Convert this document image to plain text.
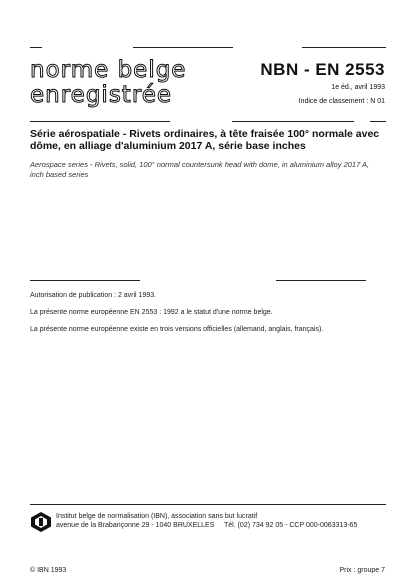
norme belge
enregistrée
NBN - EN 2553
1e éd., avril 1993
Indice de classement : N 01
Série aérospatiale - Rivets ordinaires, à tête fraisée 100° normale avec dôme, en alliage d'aluminium 2017 A, série base inches
Aerospace series - Rivets, solid, 100° normal countersunk head with dome, in aluminium alloy 2017 A, inch based series
Autorisation de publication : 2 avril 1993.
La présente norme européenne EN 2553 : 1992 a le statut d'une norme belge.
La présente norme européenne existe en trois versions officielles (allemand, anglais, français).
Institut belge de normalisation (IBN), association sans but lucratif
avenue de la Brabançonne 29 - 1040 BRUXELLES     Tél. (02) 734 92 05 - CCP 000-0063313-65
© IBN 1993	Prix : groupe 7
